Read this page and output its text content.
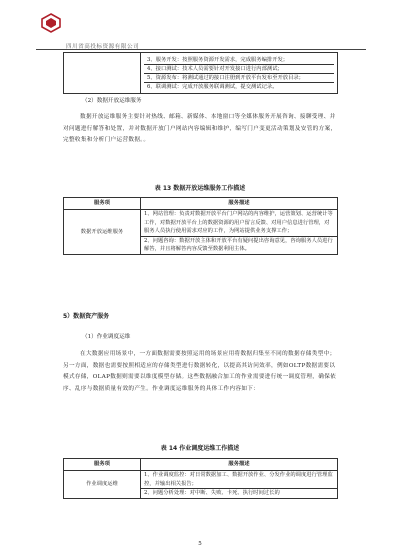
四川省高投标资源有限公司

3、服务开发：按照服务资源开发需求，完成服务编排开发；
4、接口测试：技术人员需要针对开发接口进行内部测试；
5、资源发布：将测试通过的接口注册到开放平台发布至开放目录；
6、联调测试：完成开放服务联调测试，提交测试记录。
（2）数据开放运维服务
数据开放运维服务主要针对热线、邮箱、新媒体、本地窗口等全媒体服务开展咨询、接聊受理、并对问题进行解答和处置，并对数据开放门户网站内容编辑和维护，编写门户变更活动策划及安管的方案，完整收集和分析门户运营数据。。
表 13 数据开放运维服务工作描述
服务项	服务描述
数据开放运维服务	1、网站管理：负责对数据开放平台门户网站的内容维护，运营策划、运营统计等工作，对数据开放平台上的数据资源的用户留言反馈、对用户信息进行管理，对服务人员执行使用需求对应的工作，为网站提供业务支撑工作；
	2、问题咨询：数据开放主体和开放平台有疑问提出咨询意见，咨询服务人员进行解答，并且将解答内容反馈至数据利用主体。
5）数据资产服务
（1）作业调度运维
在大数据应用场景中，一方面数据需要按照运用的场景应用将数据归集至不同的数据存储类型中；另一方面，数据也需要按照相适应的存储类型进行数据转化，以提高其访问效率，例如OLTP数据需要以模式存储，OLAP数据则需要以维度模型存储。这些数据融合加工的作业需要进行统一调度管理，确保依序、乱序与数据质量有效的产生。作业调度运维服务的具体工作内容如下：
表 14 作业调度运维工作描述
服务项	服务描述
作业调度运维	1、作业调度监控：对日常数据加工、数据开放作业、分发作业的调度进行管理监控，并输出相关报告；
	2、问题分析处理：对中断、失败、卡死、执行时间过长的
5
